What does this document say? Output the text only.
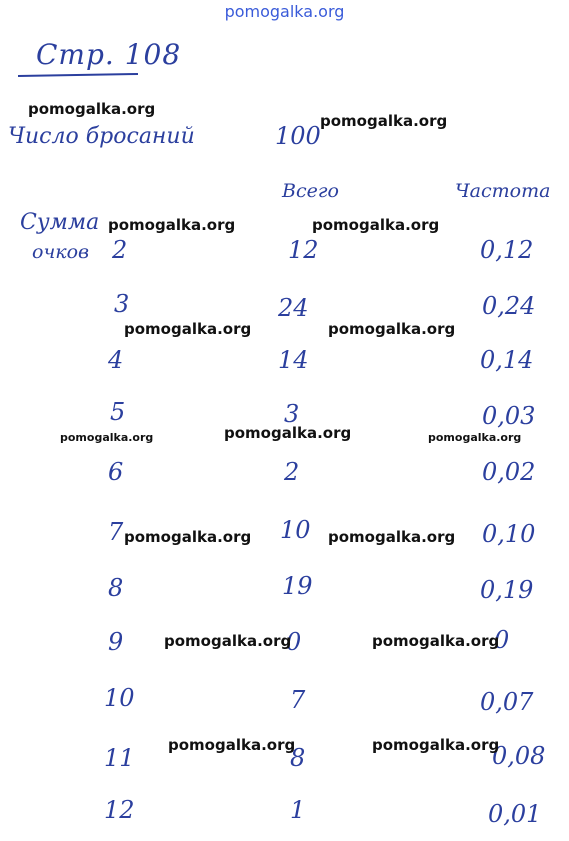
pomogalka.org
Стр. 108
Число бросаний	100
Всего	Частота
Сумма
очков 2	12	0,12
3	24	0,24
4	14	0,14
5	3	0,03
6	2	0,02
7	10	0,10
8	19	0,19
9	0	0
10	7	0,07
11	8	0,08
12	1	0,01
pomogalka.org
pomogalka.org
pomogalka.org	pomogalka.org
pomogalka.org	pomogalka.org
pomogalka.org	pomogalka.org	pomogalka.org
pomogalka.org	pomogalka.org
pomogalka.org	pomogalka.org
pomogalka.org	pomogalka.org
